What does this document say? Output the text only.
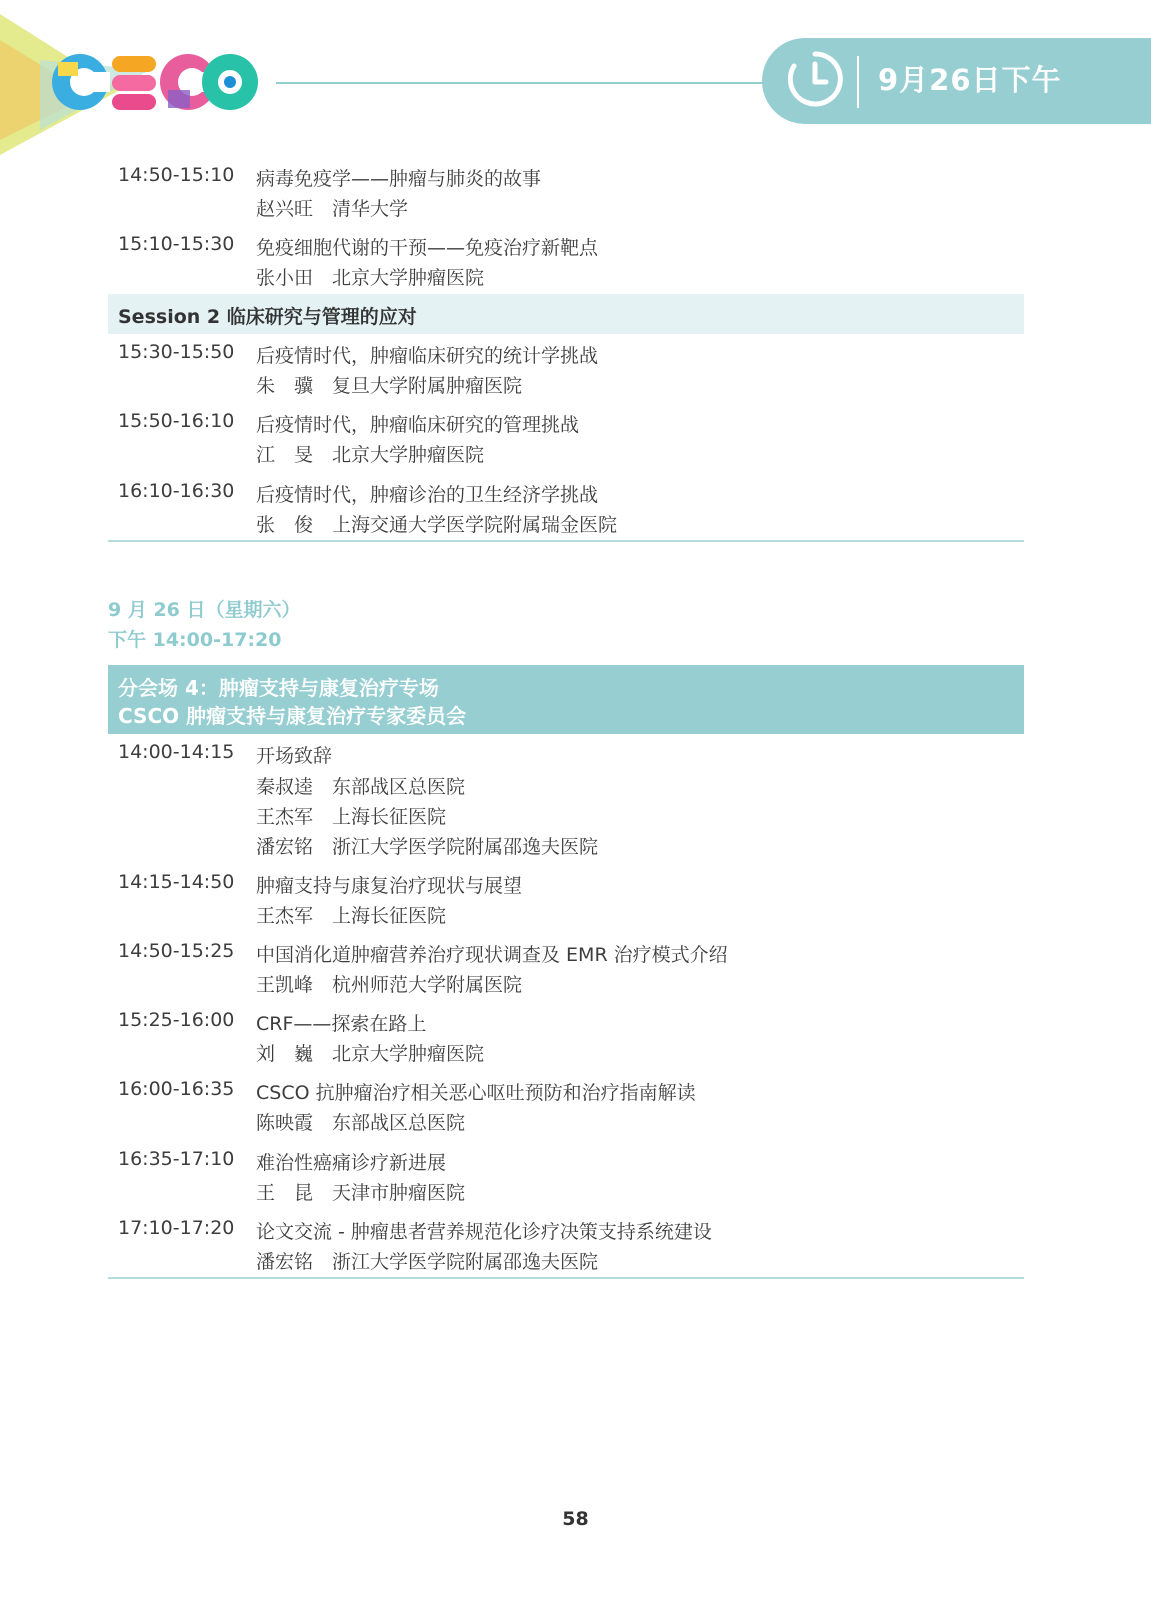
9月26日下午
14:50-15:10 病毒免疫学——肿瘤与肺炎的故事
赵兴旺　清华大学
15:10-15:30 免疫细胞代谢的干预——免疫治疗新靶点
张小田　北京大学肿瘤医院
Session 2 临床研究与管理的应对
15:30-15:50 后疫情时代，肿瘤临床研究的统计学挑战
朱　骥　复旦大学附属肿瘤医院
15:50-16:10 后疫情时代，肿瘤临床研究的管理挑战
江　旻　北京大学肿瘤医院
16:10-16:30 后疫情时代，肿瘤诊治的卫生经济学挑战
张　俊　上海交通大学医学院附属瑞金医院
9 月 26 日（星期六）
下午 14:00-17:20
分会场 4：肿瘤支持与康复治疗专场
CSCO 肿瘤支持与康复治疗专家委员会
14:00-14:15 开场致辞
秦叔逵　东部战区总医院
王杰军　上海长征医院
潘宏铭　浙江大学医学院附属邵逸夫医院
14:15-14:50 肿瘤支持与康复治疗现状与展望
王杰军　上海长征医院
14:50-15:25 中国消化道肿瘤营养治疗现状调查及 EMR 治疗模式介绍
王凯峰　杭州师范大学附属医院
15:25-16:00 CRF——探索在路上
刘　巍　北京大学肿瘤医院
16:00-16:35 CSCO 抗肿瘤治疗相关恶心呕吐预防和治疗指南解读
陈映霞　东部战区总医院
16:35-17:10 难治性癌痛诊疗新进展
王　昆　天津市肿瘤医院
17:10-17:20 论文交流 - 肿瘤患者营养规范化诊疗决策支持系统建设
潘宏铭　浙江大学医学院附属邵逸夫医院
58
